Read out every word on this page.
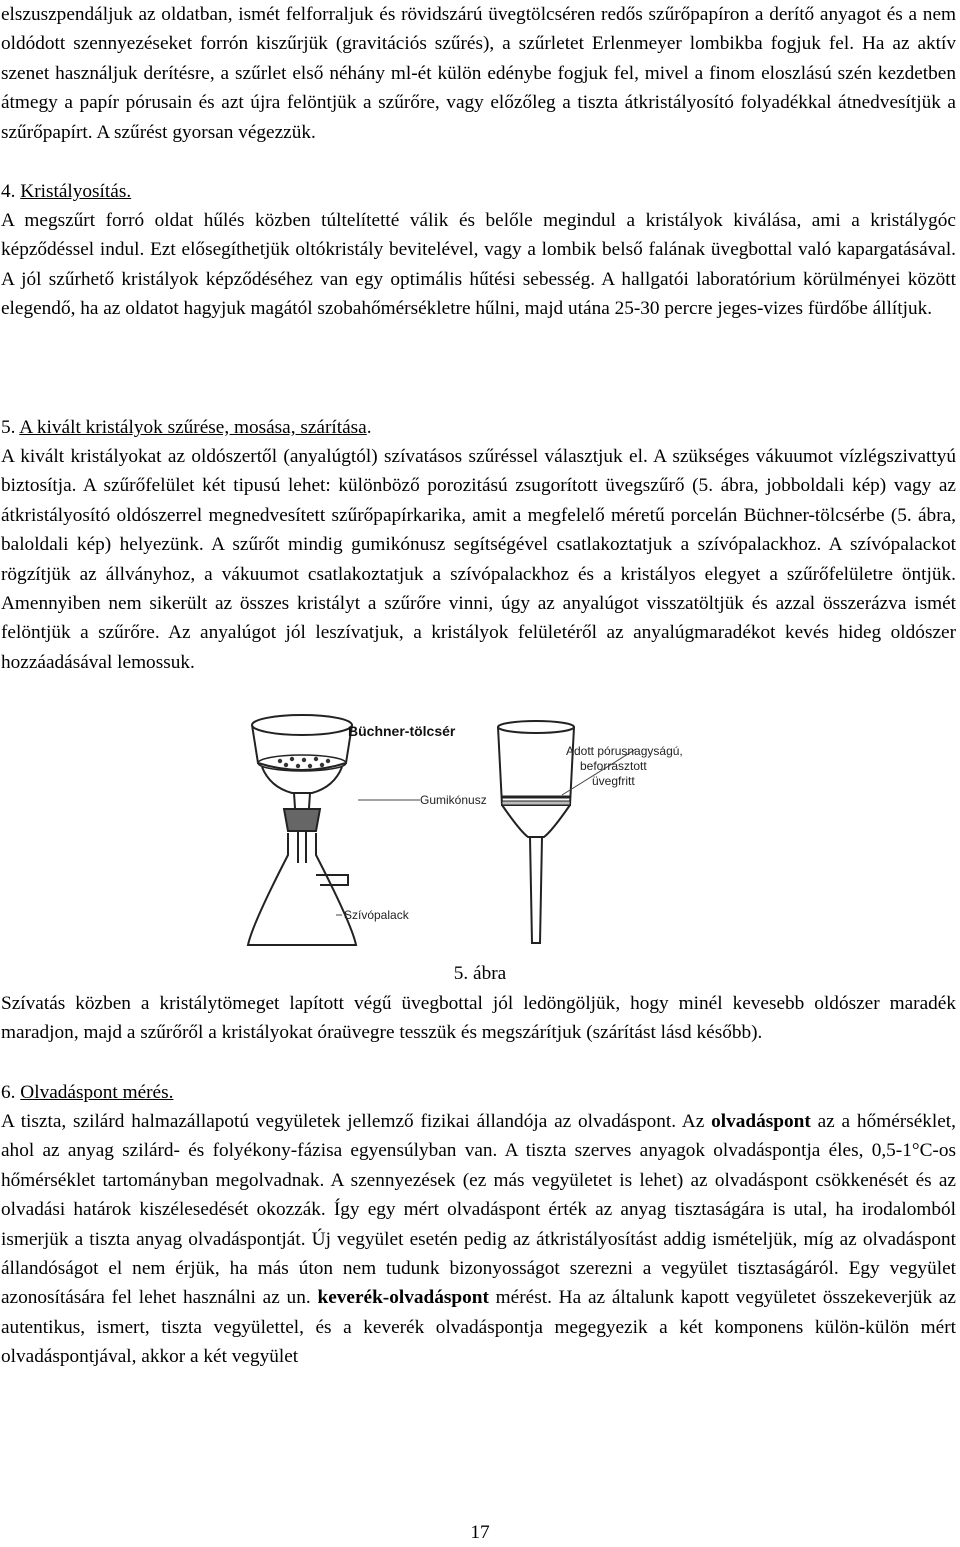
elszuszpendáljuk az oldatban, ismét felforraljuk és rövidszárú üvegtölcséren redős szűrőpapíron a derítő anyagot és a nem oldódott szennyezéseket forrón kiszűrjük (gravitációs szűrés), a szűrletet Erlenmeyer lombikba fogjuk fel. Ha az aktív szenet használjuk derítésre, a szűrlet első néhány ml-ét külön edénybe fogjuk fel, mivel a finom eloszlású szén kezdetben átmegy a papír pórusain és azt újra felöntjük a szűrőre, vagy előzőleg a tiszta átkristályosító folyadékkal átnedvesítjük a szűrőpapírt. A szűrést gyorsan végezzük.

4. Kristályosítás.

A megszűrt forró oldat hűlés közben túltelítetté válik és belőle megindul a kristályok kiválása, ami a kristálygóc képződéssel indul. Ezt elősegíthetjük oltókristály bevitelével, vagy a lombik belső falának üvegbottal való kapargatásával. A jól szűrhető kristályok képződéséhez van egy optimális hűtési sebesség. A hallgatói laboratórium körülményei között elegendő, ha az oldatot hagyjuk magától szobahőmérsékletre hűlni, majd utána 25-30 percre jeges-vizes fürdőbe állítjuk.

5. A kivált kristályok szűrése, mosása, szárítása.

A kivált kristályokat az oldószertől (anyalúgtól) szívatásos szűréssel választjuk el. A szükséges vákuumot vízlégszivattyú biztosítja. A szűrőfelület két tipusú lehet: különböző porozitású zsugorított üvegszűrő (5. ábra, jobboldali kép) vagy az átkristályosító oldószerrel megnedvesített szűrőpapírkarika, amit a megfelelő méretű porcelán Büchner-tölcsérbe (5. ábra, baloldali kép) helyezünk. A szűrőt mindig gumikónusz segítségével csatlakoztatjuk a szívópalackhoz. A szívópalackot rögzítjük az állványhoz, a vákuumot csatlakoztatjuk a szívópalackhoz és a kristályos elegyet a szűrőfelületre öntjük. Amennyiben nem sikerült az összes kristályt a szűrőre vinni, úgy az anyalúgot visszatöltjük és azzal összerázva ismét felöntjük a szűrőre. Az anyalúgot jól leszívatjuk, a kristályok felületéről az anyalúgmaradékot kevés hideg oldószer hozzáadásával lemossuk.

Büchner-tölcsér
Gumikónusz
Szívópalack
Adott pórusnagyságú,
beforrasztott
üvegfritt
5. ábra

Szívatás közben a kristálytömeget lapított végű üvegbottal jól ledöngöljük, hogy minél kevesebb oldószer maradék maradjon, majd a szűrőről a kristályokat óraüvegre tesszük és megszárítjuk (szárítást lásd később).

6. Olvadáspont mérés.

A tiszta, szilárd halmazállapotú vegyületek jellemző fizikai állandója az olvadáspont. Az olvadáspont az a hőmérséklet, ahol az anyag szilárd- és folyékony-fázisa egyensúlyban van. A tiszta szerves anyagok olvadáspontja éles, 0,5-1°C-os hőmérséklet tartományban megolvadnak. A szennyezések (ez más vegyületet is lehet) az olvadáspont csökkenését és az olvadási határok kiszélesedését okozzák. Így egy mért olvadáspont érték az anyag tisztaságára is utal, ha irodalomból ismerjük a tiszta anyag olvadáspontját. Új vegyület esetén pedig az átkristályosítást addig ismételjük, míg az olvadáspont állandóságot el nem érjük, ha más úton nem tudunk bizonyosságot szerezni a vegyület tisztaságáról. Egy vegyület azonosítására fel lehet használni az un. keverék-olvadáspont mérést. Ha az általunk kapott vegyületet összekeverjük az autentikus, ismert, tiszta vegyülettel, és a keverék olvadáspontja megegyezik a két komponens külön-külön mért olvadáspontjával, akkor a két vegyület

17
